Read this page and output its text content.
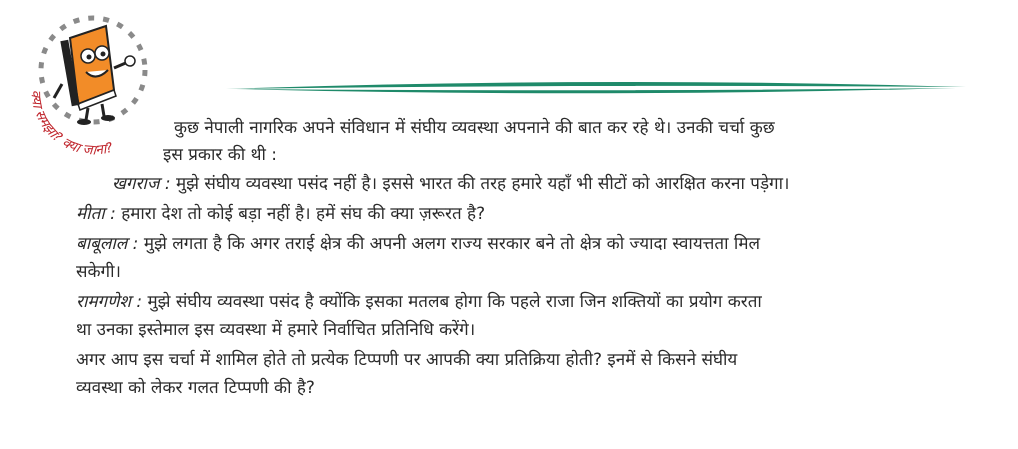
क्या समझा? क्या जाना?
कुछ नेपाली नागरिक अपने संविधान में संघीय व्यवस्था अपनाने की बात कर रहे थे। उनकी चर्चा कुछ
इस प्रकार की थी :
खगराज : मुझे संघीय व्यवस्था पसंद नहीं है। इससे भारत की तरह हमारे यहाँ भी सीटों को आरक्षित करना पड़ेगा।
मीता : हमारा देश तो कोई बड़ा नहीं है। हमें संघ की क्या ज़रूरत है?
बाबूलाल : मुझे लगता है कि अगर तराई क्षेत्र की अपनी अलग राज्य सरकार बने तो क्षेत्र को ज्यादा स्वायत्तता मिल
सकेगी।
रामगणेश : मुझे संघीय व्यवस्था पसंद है क्योंकि इसका मतलब होगा कि पहले राजा जिन शक्तियों का प्रयोग करता
था उनका इस्तेमाल इस व्यवस्था में हमारे निर्वाचित प्रतिनिधि करेंगे।
अगर आप इस चर्चा में शामिल होते तो प्रत्येक टिप्पणी पर आपकी क्या प्रतिक्रिया होती? इनमें से किसने संघीय
व्यवस्था को लेकर गलत टिप्पणी की है?
